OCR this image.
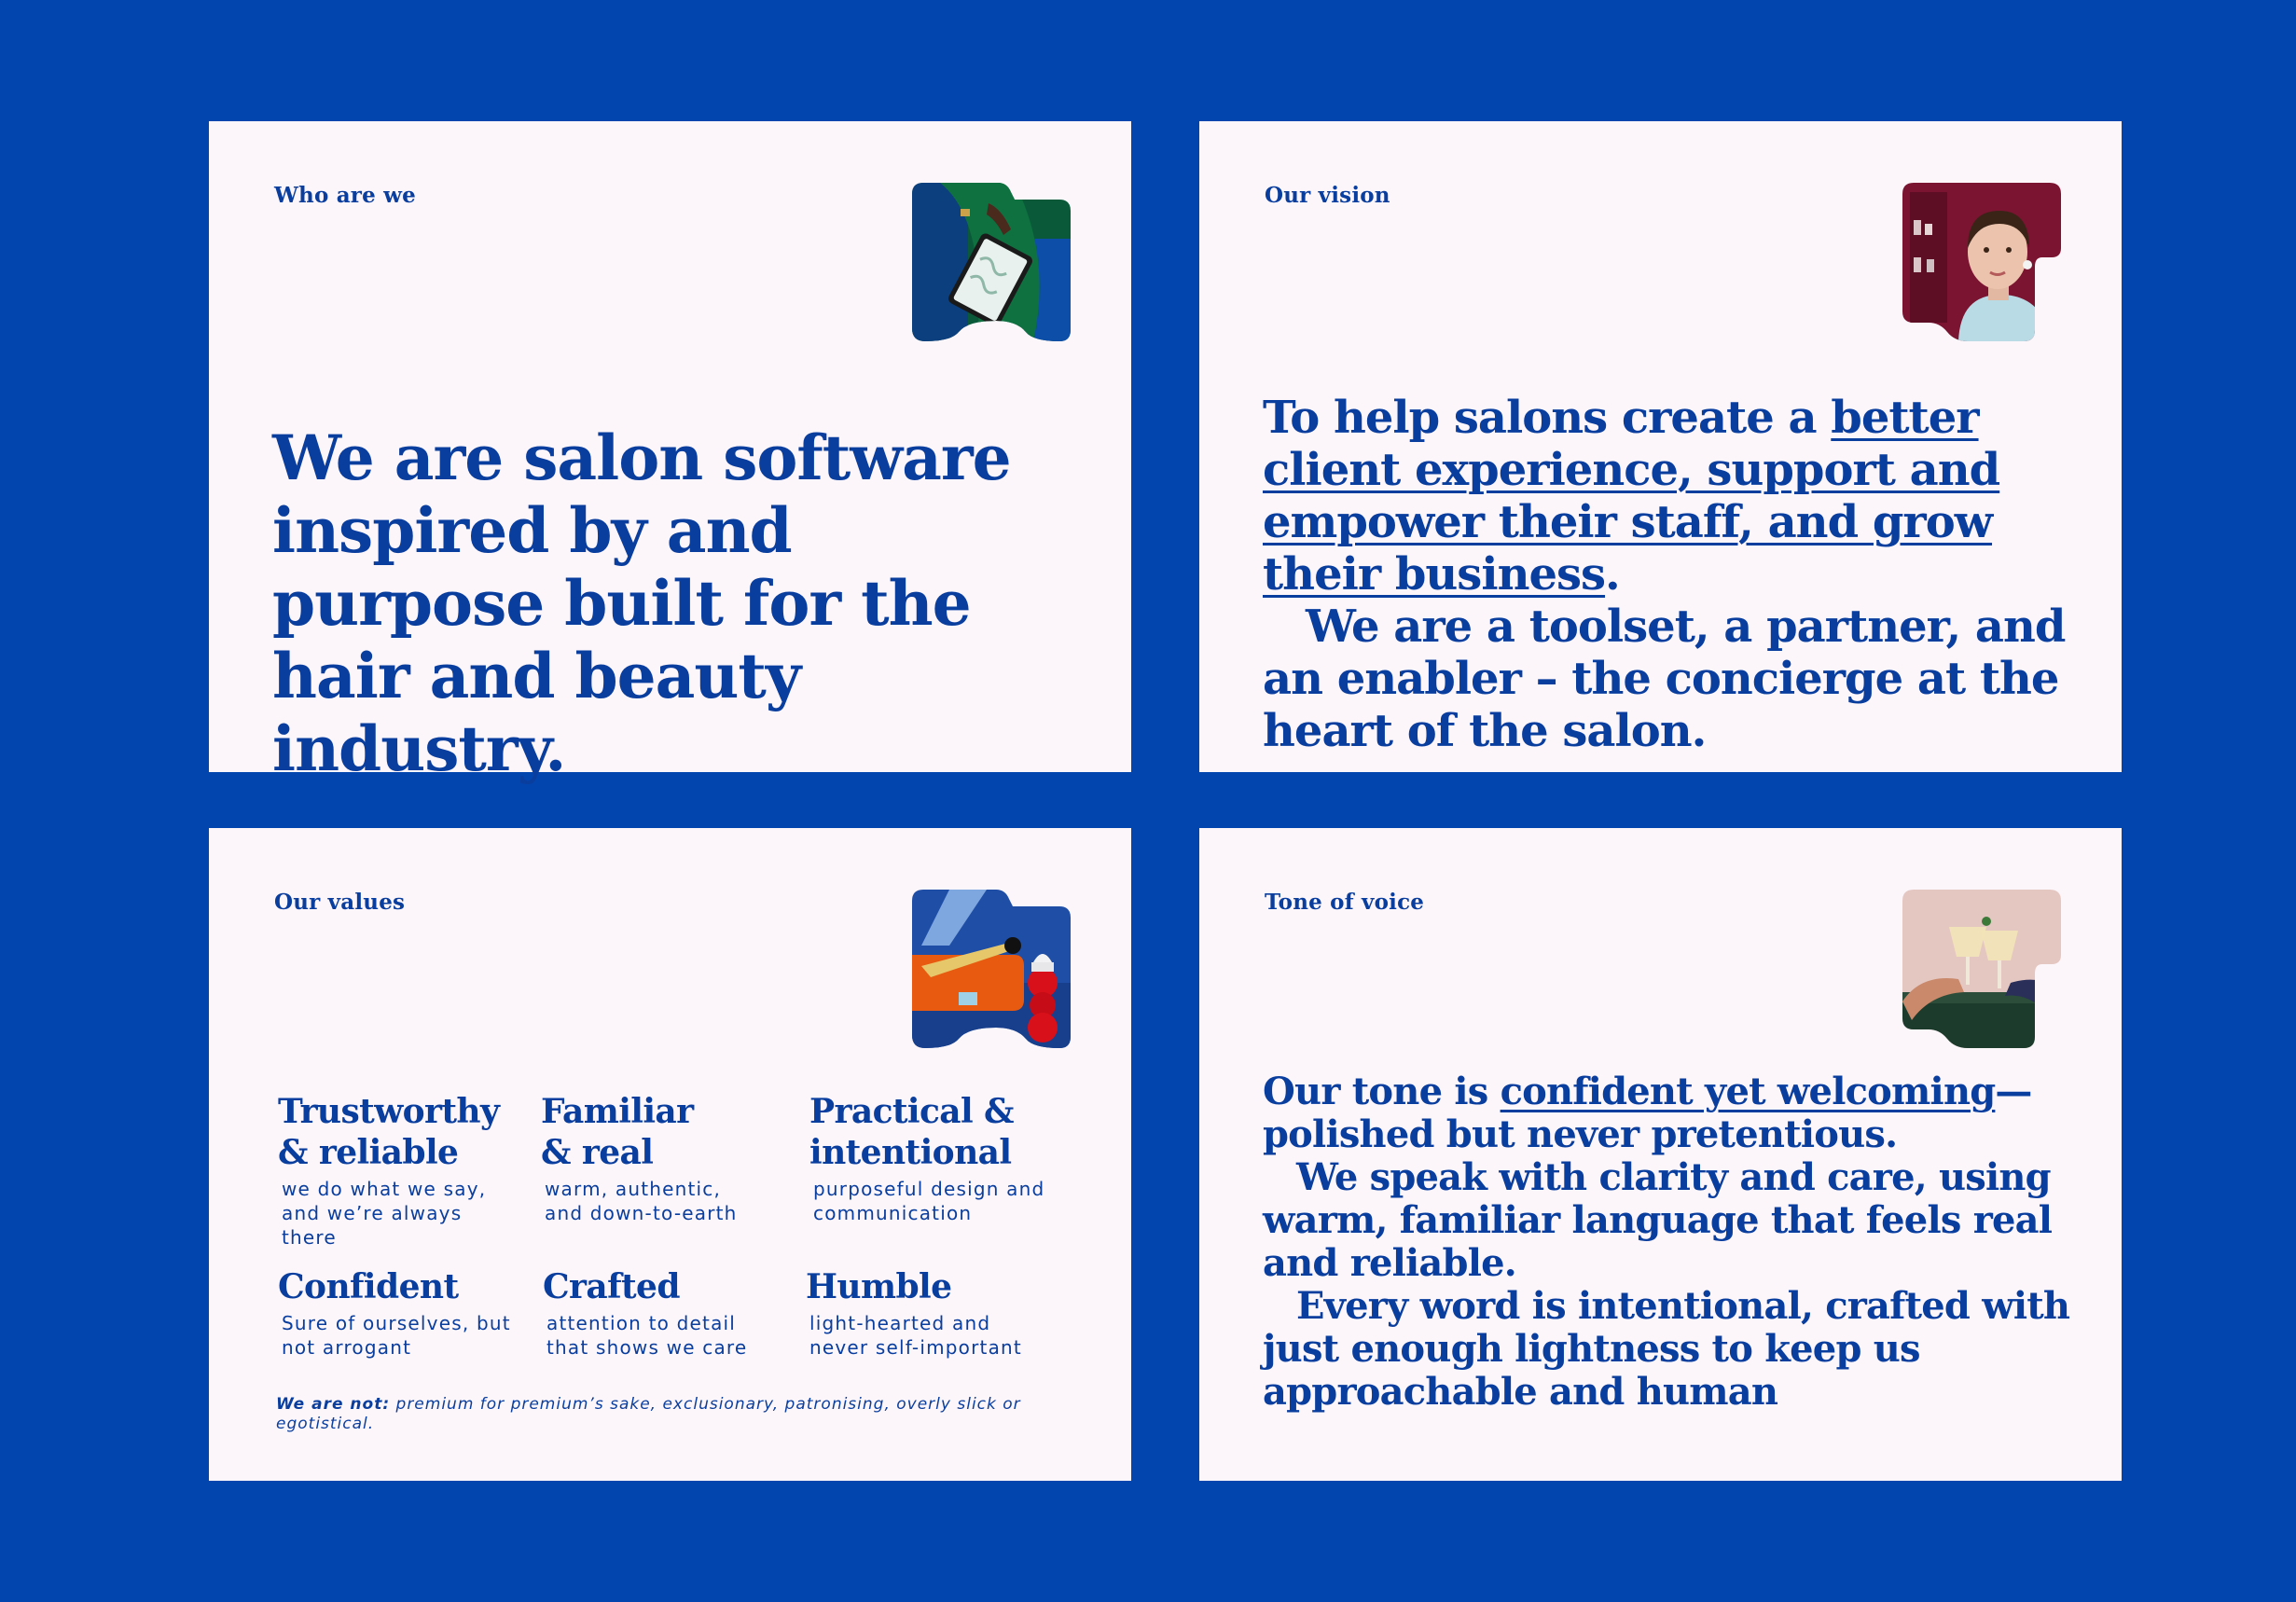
Who are we

We are salon software inspired by and purpose built for the hair and beauty industry.

Our vision
To help salons create a better client experience, support and empower their staff, and grow their business.
We are a toolset, a partner, and an enabler – the concierge at the heart of the salon.
Our values

Trustworthy
& reliable

we do what we say, and we’re always there

Familiar
& real

warm, authentic, and down-to-earth

Practical &
intentional

purposeful design and communication

Confident

Sure of ourselves, but not arrogant

Crafted

attention to detail that shows we care

Humble

light-hearted and never self-important

We are not: premium for premium’s sake, exclusionary, patronising, overly slick or egotistical.

Tone of voice
Our tone is confident yet welcoming— polished but never pretentious.
We speak with clarity and care, using warm, familiar language that feels real and reliable.
Every word is intentional, crafted with just enough lightness to keep us approachable and human
